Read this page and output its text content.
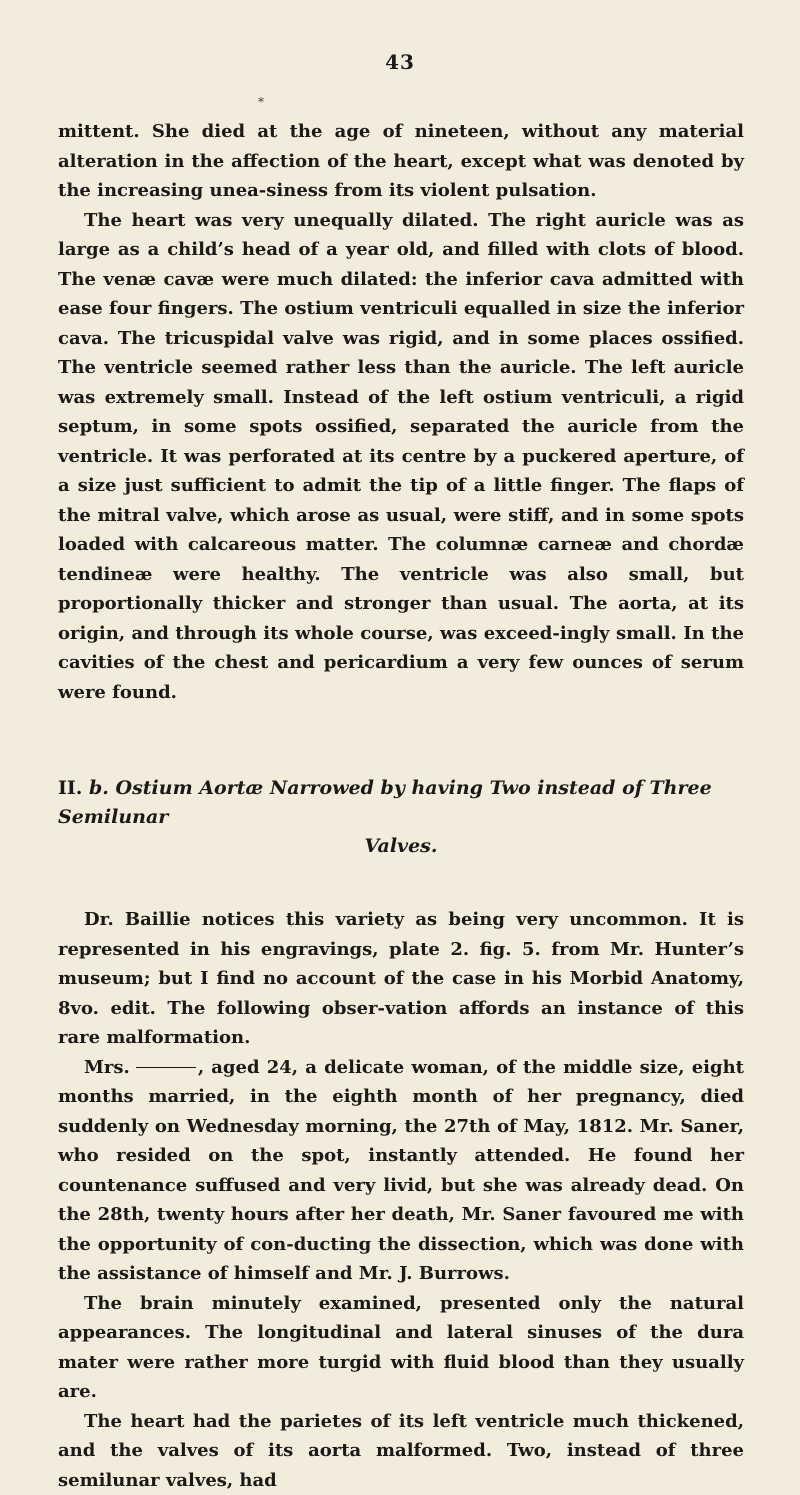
43
*

mittent. She died at the age of nineteen, without any material alteration in the affection of the heart, except what was denoted by the increasing unea-siness from its violent pulsation.

The heart was very unequally dilated. The right auricle was as large as a child’s head of a year old, and filled with clots of blood. The venæ cavæ were much dilated: the inferior cava admitted with ease four fingers. The ostium ventriculi equalled in size the inferior cava. The tricuspidal valve was rigid, and in some places ossified. The ventricle seemed rather less than the auricle. The left auricle was extremely small. Instead of the left ostium ventriculi, a rigid septum, in some spots ossified, separated the auricle from the ventricle. It was perforated at its centre by a puckered aperture, of a size just sufficient to admit the tip of a little finger. The flaps of the mitral valve, which arose as usual, were stiff, and in some spots loaded with calcareous matter. The columnæ carneæ and chordæ tendineæ were healthy. The ventricle was also small, but proportionally thicker and stronger than usual. The aorta, at its origin, and through its whole course, was exceed-ingly small. In the cavities of the chest and pericardium a very few ounces of serum were found.

II. b. Ostium Aortæ Narrowed by having Two instead of Three Semilunar
Valves.

Dr. Baillie notices this variety as being very uncommon. It is represented in his engravings, plate 2. fig. 5. from Mr. Hunter’s museum; but I find no account of the case in his Morbid Anatomy, 8vo. edit. The following obser-vation affords an instance of this rare malformation.

Mrs.	, aged 24, a delicate woman, of the middle size, eight months married, in the eighth month of her pregnancy, died suddenly on Wednesday morning, the 27th of May, 1812. Mr. Saner, who resided on the spot, instantly attended. He found her countenance suffused and very livid, but she was already dead. On the 28th, twenty hours after her death, Mr. Saner favoured me with the opportunity of con-ducting the dissection, which was done with the assistance of himself and Mr. J. Burrows.

The brain minutely examined, presented only the natural appearances. The longitudinal and lateral sinuses of the dura mater were rather more turgid with fluid blood than they usually are.

The heart had the parietes of its left ventricle much thickened, and the valves of its aorta malformed. Two, instead of three semilunar valves, had
